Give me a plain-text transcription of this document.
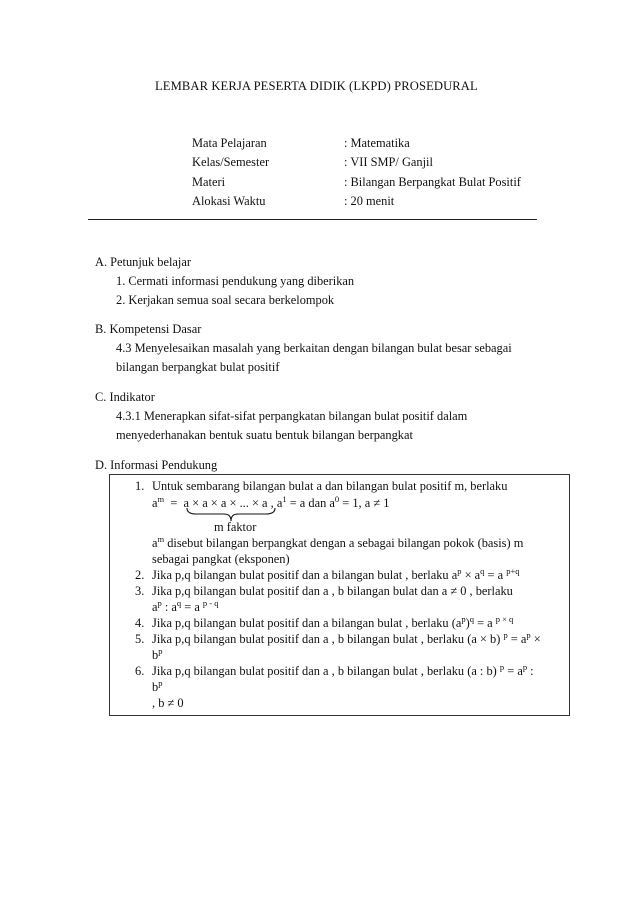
LEMBAR KERJA PESERTA DIDIK (LKPD) PROSEDURAL
Mata Pelajaran	: Matematika
Kelas/Semester	: VII SMP/ Ganjil
Materi	: Bilangan Berpangkat Bulat Positif
Alokasi Waktu	: 20 menit
A. Petunjuk belajar
1. Cermati informasi pendukung yang diberikan
2. Kerjakan semua soal secara berkelompok
B. Kompetensi Dasar
4.3 Menyelesaikan masalah yang berkaitan dengan bilangan bulat besar sebagai
bilangan berpangkat bulat positif
C. Indikator
4.3.1 Menerapkan sifat-sifat perpangkatan bilangan bulat positif dalam
menyederhanakan bentuk suatu bentuk bilangan berpangkat
D. Informasi Pendukung
1. Untuk sembarang bilangan bulat a dan bilangan bulat positif m, berlaku
$a^m = a \times a \times a$ × ... × a , $a^1 = a$ dan $a^0 = 1$, a ≠ 1
m faktor
$a^m$ disebut bilangan berpangkat dengan a sebagai bilangan pokok (basis) m
sebagai pangkat (eksponen)
2. Jika p,q bilangan bulat positif dan a bilangan bulat , berlaku $a^p \times a^q = a$ $^{p+q}$
3. Jika p,q bilangan bulat positif dan a , b bilangan bulat dan a ≠ 0 , berlaku
$a^p$ : $a^q = a$ $^{p - q}$
4. Jika p,q bilangan bulat positif dan a bilangan bulat , berlaku $(a^p)^q = a$ $^{p \times q}$
5. Jika p,q bilangan bulat positif dan a , b bilangan bulat , berlaku (a × b) $^p = a^p$ ×
$b^p$
6. Jika p,q bilangan bulat positif dan a , b bilangan bulat , berlaku (a : b) $^p = a^p$ :
$b^p$
, b ≠ 0
